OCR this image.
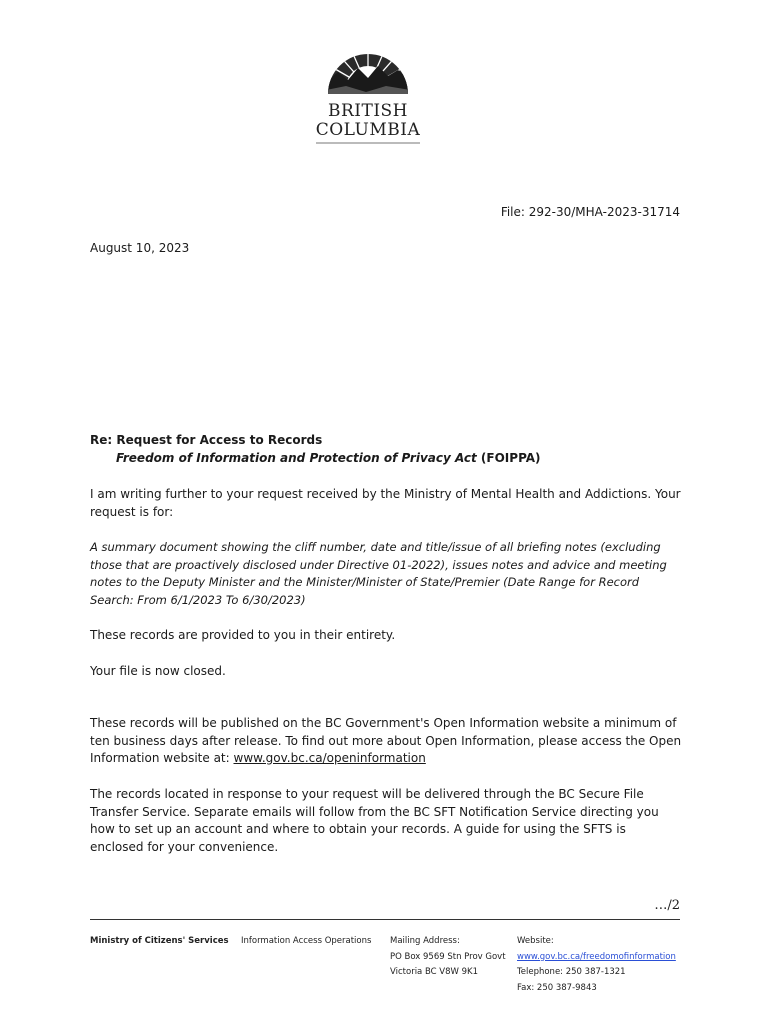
BRITISH
COLUMBIA
File: 292-30/MHA-2023-31714
August 10, 2023
Re: Request for Access to Records
Freedom of Information and Protection of Privacy Act (FOIPPA)

I am writing further to your request received by the Ministry of Mental Health and Addictions. Your request is for:

A summary document showing the cliff number, date and title/issue of all briefing notes (excluding those that are proactively disclosed under Directive 01-2022), issues notes and advice and meeting notes to the Deputy Minister and the Minister/Minister of State/Premier (Date Range for Record Search: From 6/1/2023 To 6/30/2023)

These records are provided to you in their entirety.

Your file is now closed.

These records will be published on the BC Government's Open Information website a minimum of ten business days after release. To find out more about Open Information, please access the Open Information website at: www.gov.bc.ca/openinformation

The records located in response to your request will be delivered through the BC Secure File Transfer Service. Separate emails will follow from the BC SFT Notification Service directing you how to set up an account and where to obtain your records. A guide for using the SFTS is enclosed for your convenience.

…/2
Ministry of Citizens' Services Information Access Operations Mailing Address:
PO Box 9569 Stn Prov Govt
Victoria BC V8W 9K1
Website:
www.gov.bc.ca/freedomofinformation
Telephone: 250 387-1321
Fax: 250 387-9843
